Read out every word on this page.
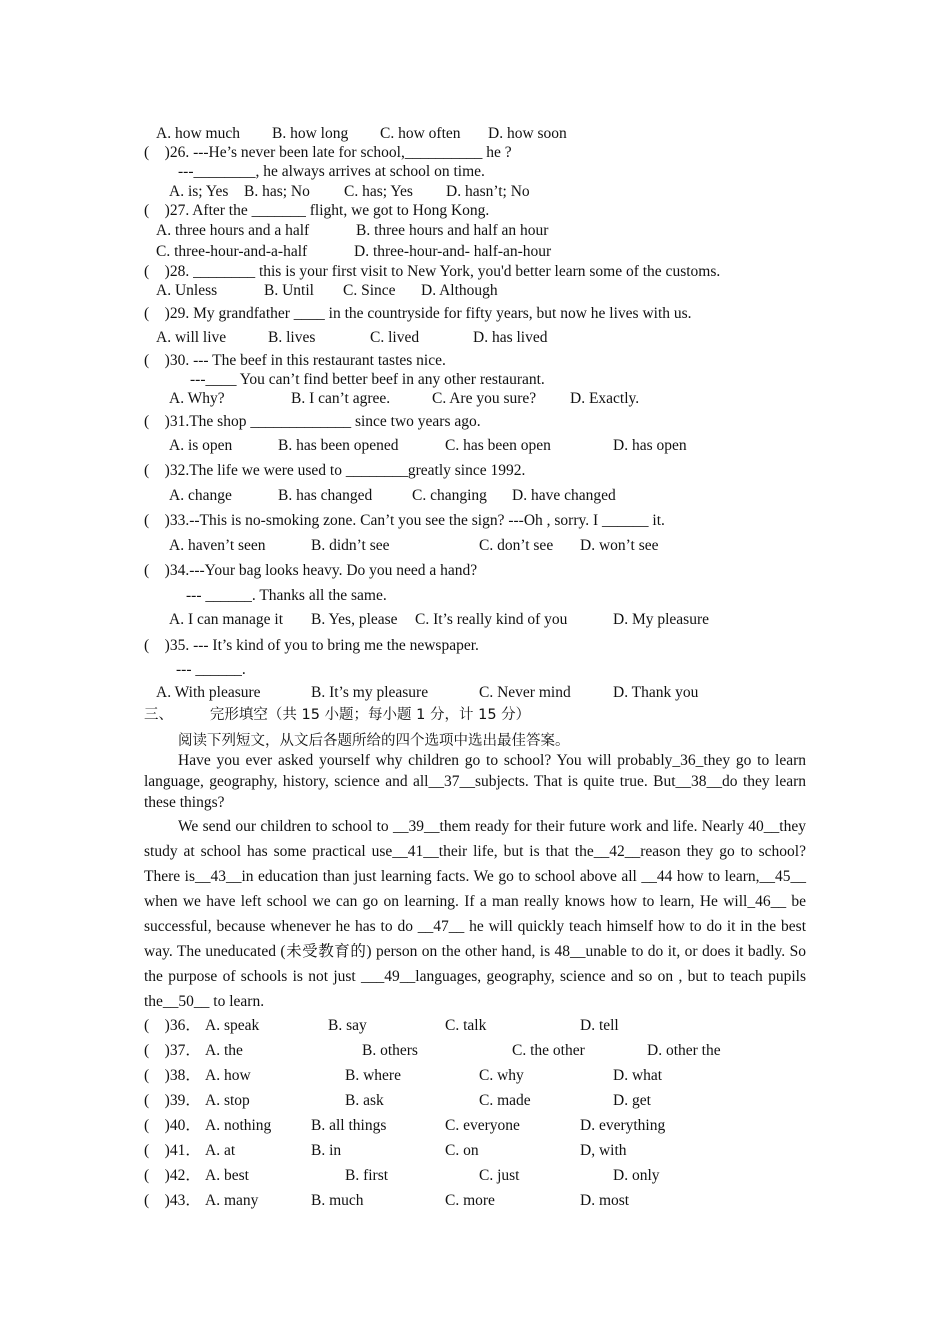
A. how much B. how long C. how often D. how soon
(    )26. ---He’s never been late for school,__________ he ?
---________, he always arrives at school on time.
A. is; Yes B. has; No C. has; Yes D. hasn’t; No
(    )27. After the _______ flight, we got to Hong Kong.
A. three hours and a half	B. three hours and half an hour
C. three-hour-and-a-half	D. three-hour-and- half-an-hour
(    )28. ________ this is your first visit to New York, you'd better learn some of the customs.
A. Unless	B. Until C. Since D. Although
(    )29. My grandfather ____ in the countryside for fifty years, but now he lives with us.
A. will live	B. lives	C. lived	D. has lived
(    )30. --- The beef in this restaurant tastes nice.
---____ You can’t find better beef in any other restaurant.
A. Why?	B. I can’t agree.	C. Are you sure? D. Exactly.
(    )31.The shop _____________ since two years ago.
A. is open	B. has been opened	C. has been open	D. has open
(    )32.The life we were used to ________greatly since 1992.
A. change	B. has changed	C. changing D. have changed
(    )33.--This is no-smoking zone. Can’t you see the sign? ---Oh , sorry. I ______ it.
A. haven’t seen	B. didn’t see	C. don’t see D. won’t see
(    )34.---Your bag looks heavy. Do you need a hand?
--- ______. Thanks all the same.
A. I can manage it B. Yes, please C. It’s really kind of you	D. My pleasure
(    )35. --- It’s kind of you to bring me the newspaper.
--- ______.
A. With pleasure	B. It’s my pleasure	C. Never mind	D. Thank you
三、        完形填空（共 15 小题；每小题 1 分，计 15 分）
阅读下列短文，从文后各题所给的四个选项中选出最佳答案。
Have you ever asked yourself why children go to school? You will probably_36_they go to learn language, geography, history, science and all__37__subjects. That is quite true. But__38__do they learn these things?
We send our children to school to __39__them ready for their future work and life. Nearly 40__they study at school has some practical use__41__their life, but is that the__42__reason they go to school? There is__43__in education than just learning facts. We go to school above all __44 how to learn,__45__ when we have left school we can go on learning. If a man really knows how to learn, He will_46__ be successful, because whenever he has to do __47__ he will quickly teach himself how to do it in the best way. The uneducated (未受教育的) person on the other hand, is 48__unable to do it, or does it badly. So the purpose of schools is not just ___49__languages, geography, science and so on , but to teach pupils the__50__ to learn.
(    )36． A. speak	B. say	C. talk	D. tell
(    )37． A. the	B. others	C. the other	D. other the
(    )38． A. how	B. where	C. why	D. what
(    )39． A. stop	B. ask	C. made	D. get
(    )40． A. nothing	B. all things	C. everyone	D. everything
(    )41． A. at	B. in	C. on	D, with
(    )42． A. best	B. first	C. just	D. only
(    )43． A. many	B. much	C. more	D. most
